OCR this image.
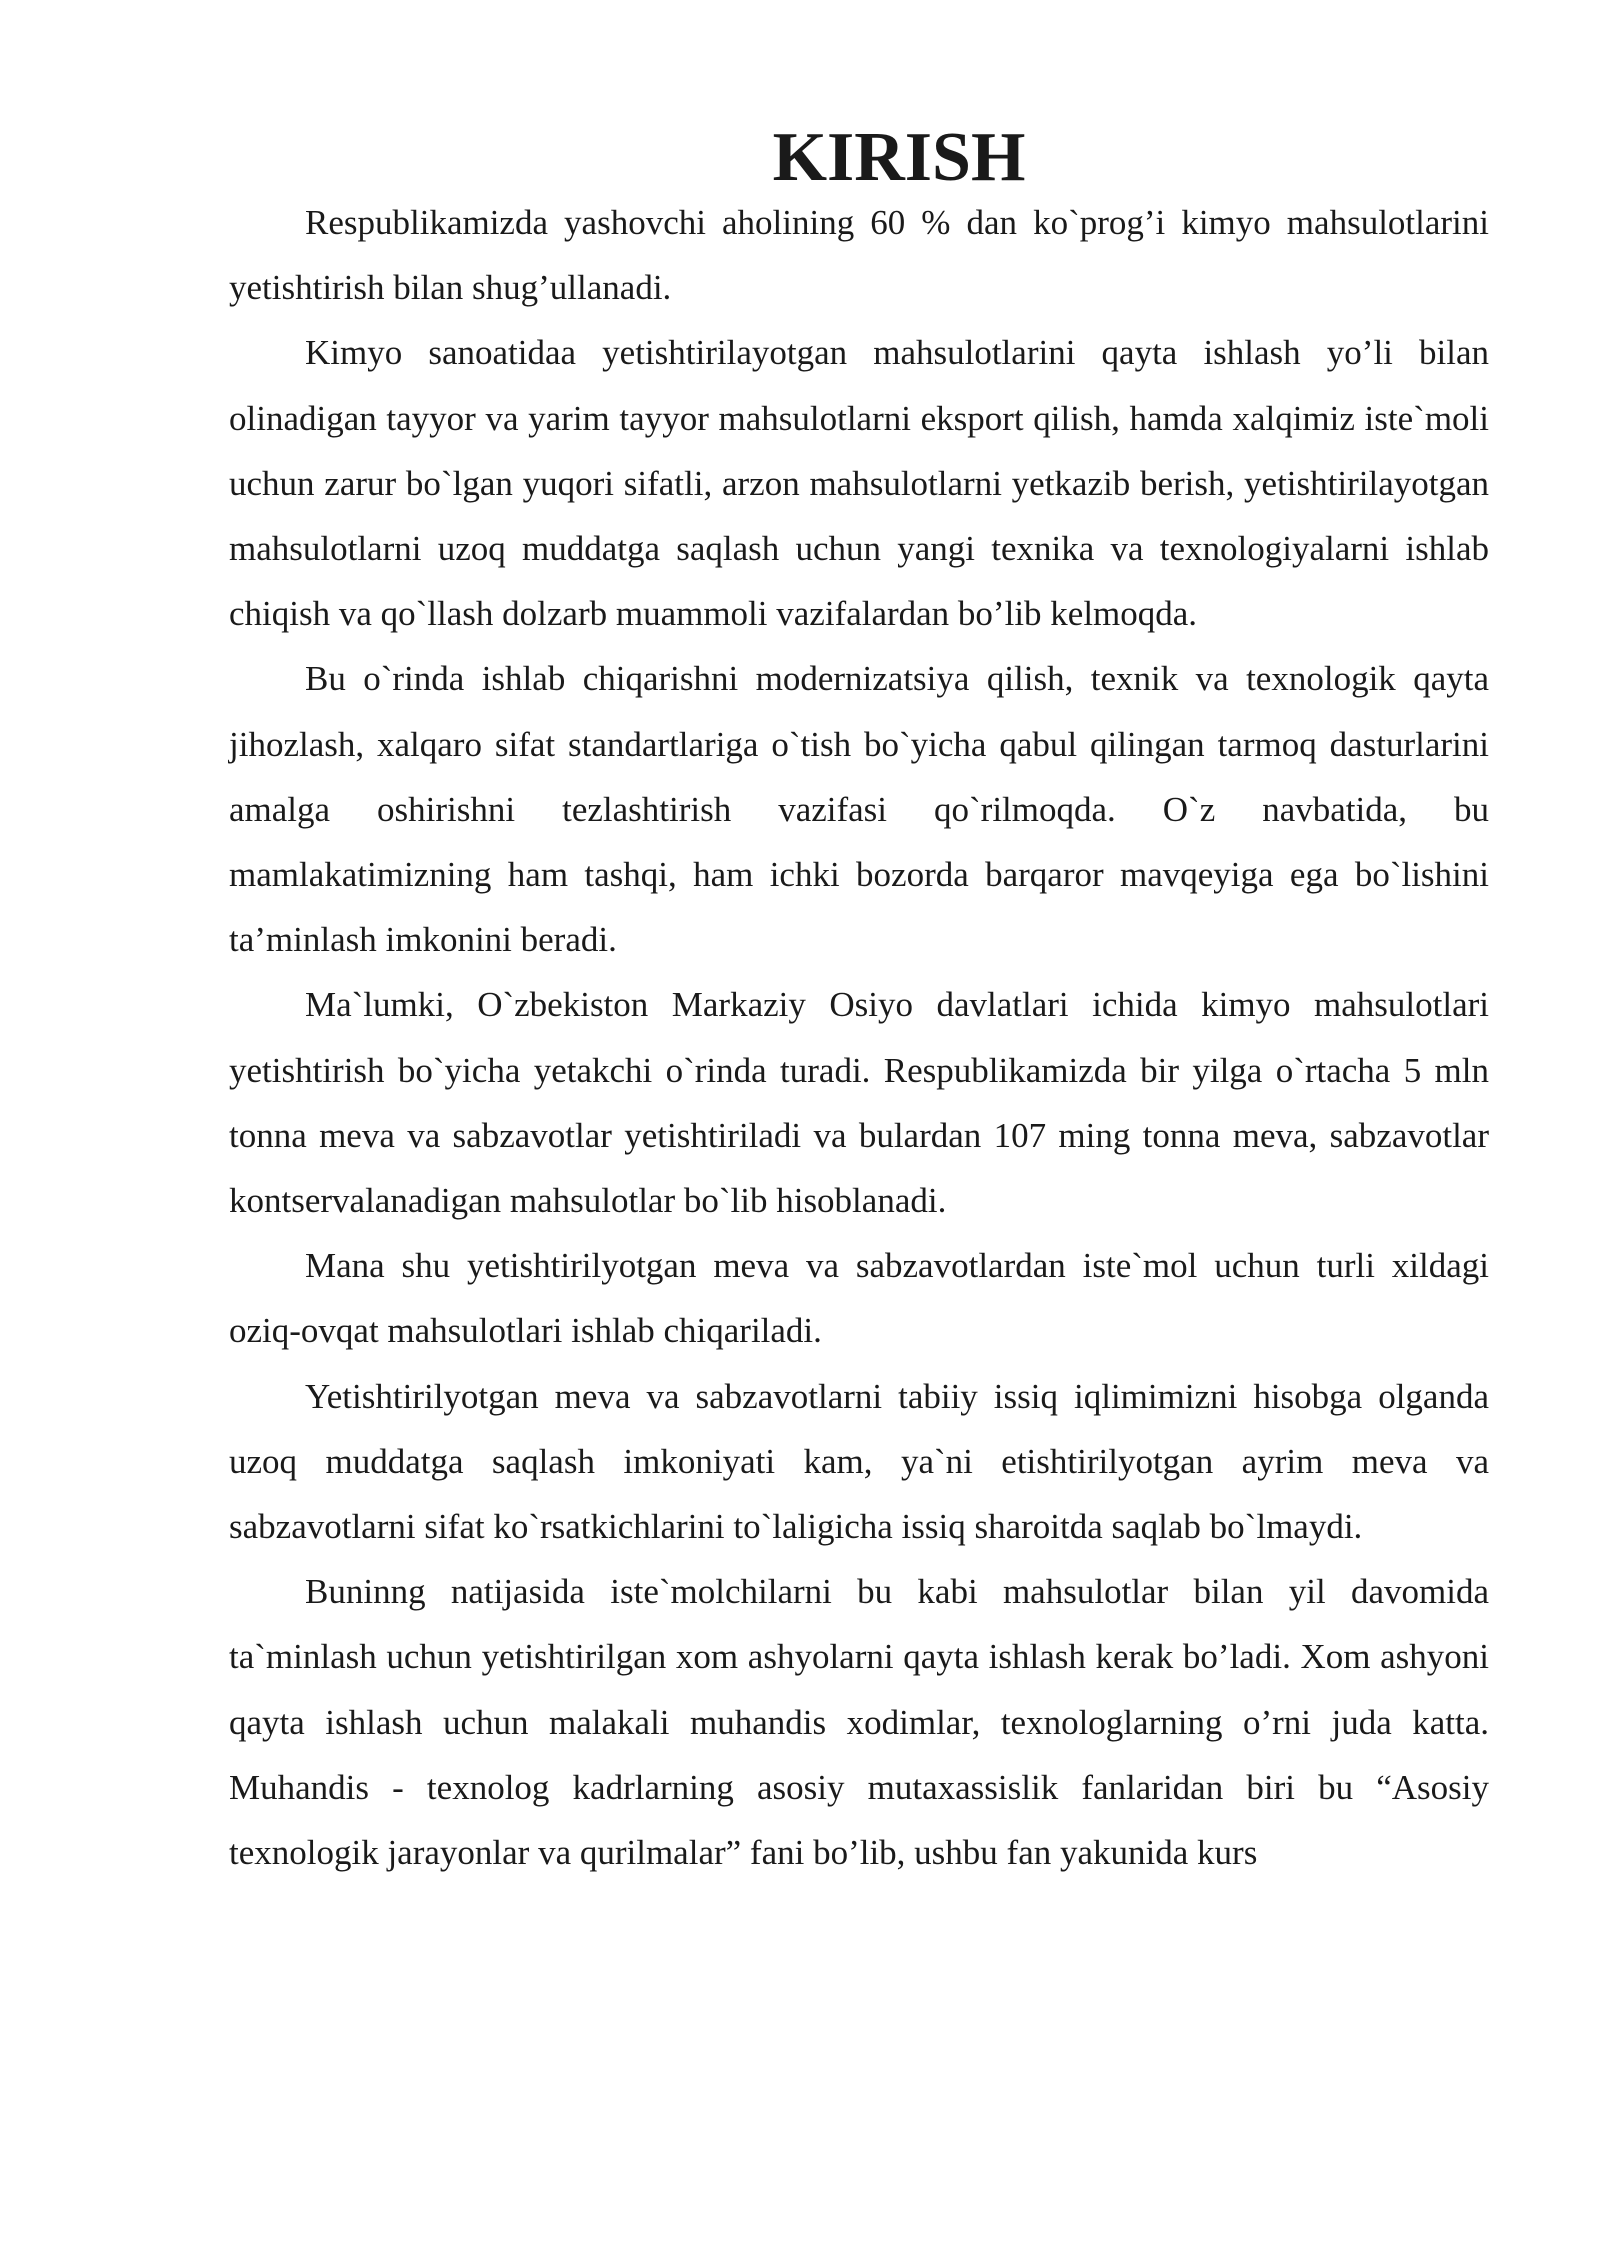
KIRISH

Respublikamizda yashovchi aholining 60 % dan ko`prog’i kimyo mahsulotlarini yetishtirish bilan shug’ullanadi.

Kimyo sanoatidaa yetishtirilayotgan mahsulotlarini qayta ishlash yo’li bilan olinadigan tayyor va yarim tayyor mahsulotlarni eksport qilish, hamda xalqimiz iste`moli uchun zarur bo`lgan yuqori sifatli, arzon mahsulotlarni yetkazib berish, yetishtirilayotgan mahsulotlarni uzoq muddatga saqlash uchun yangi texnika va texnologiyalarni ishlab chiqish va qo`llash dolzarb muammoli vazifalardan bo’lib kelmoqda.

Bu o`rinda ishlab chiqarishni modernizatsiya qilish, texnik va texnologik qayta jihozlash, xalqaro sifat standartlariga o`tish bo`yicha qabul qilingan tarmoq dasturlarini amalga oshirishni tezlashtirish vazifasi qo`rilmoqda. O`z navbatida, bu mamlakatimizning ham tashqi, ham ichki bozorda barqaror mavqeyiga ega bo`lishini ta’minlash imkonini beradi.

Ma`lumki, O`zbekiston Markaziy Osiyo davlatlari ichida kimyo mahsulotlari yetishtirish bo`yicha yetakchi o`rinda turadi. Respublikamizda bir yilga o`rtacha 5 mln tonna meva va sabzavotlar yetishtiriladi va bulardan 107 ming tonna meva, sabzavotlar kontservalanadigan mahsulotlar bo`lib hisoblanadi.

Mana shu yetishtirilyotgan meva va sabzavotlardan iste`mol uchun turli xildagi oziq-ovqat mahsulotlari ishlab chiqariladi.

Yetishtirilyotgan meva va sabzavotlarni tabiiy issiq iqlimimizni hisobga olganda uzoq muddatga saqlash imkoniyati kam, ya`ni etishtirilyotgan ayrim meva va sabzavotlarni sifat ko`rsatkichlarini to`laligicha issiq sharoitda saqlab bo`lmaydi.

Buninng natijasida iste`molchilarni bu kabi mahsulotlar bilan yil davomida ta`minlash uchun yetishtirilgan xom ashyolarni qayta ishlash kerak bo’ladi. Xom ashyoni qayta ishlash uchun malakali muhandis xodimlar, texnologlarning o’rni juda katta. Muhandis - texnolog kadrlarning asosiy mutaxassislik fanlaridan biri bu “Asosiy texnologik jarayonlar va qurilmalar” fani bo’lib, ushbu fan yakunida kurs
